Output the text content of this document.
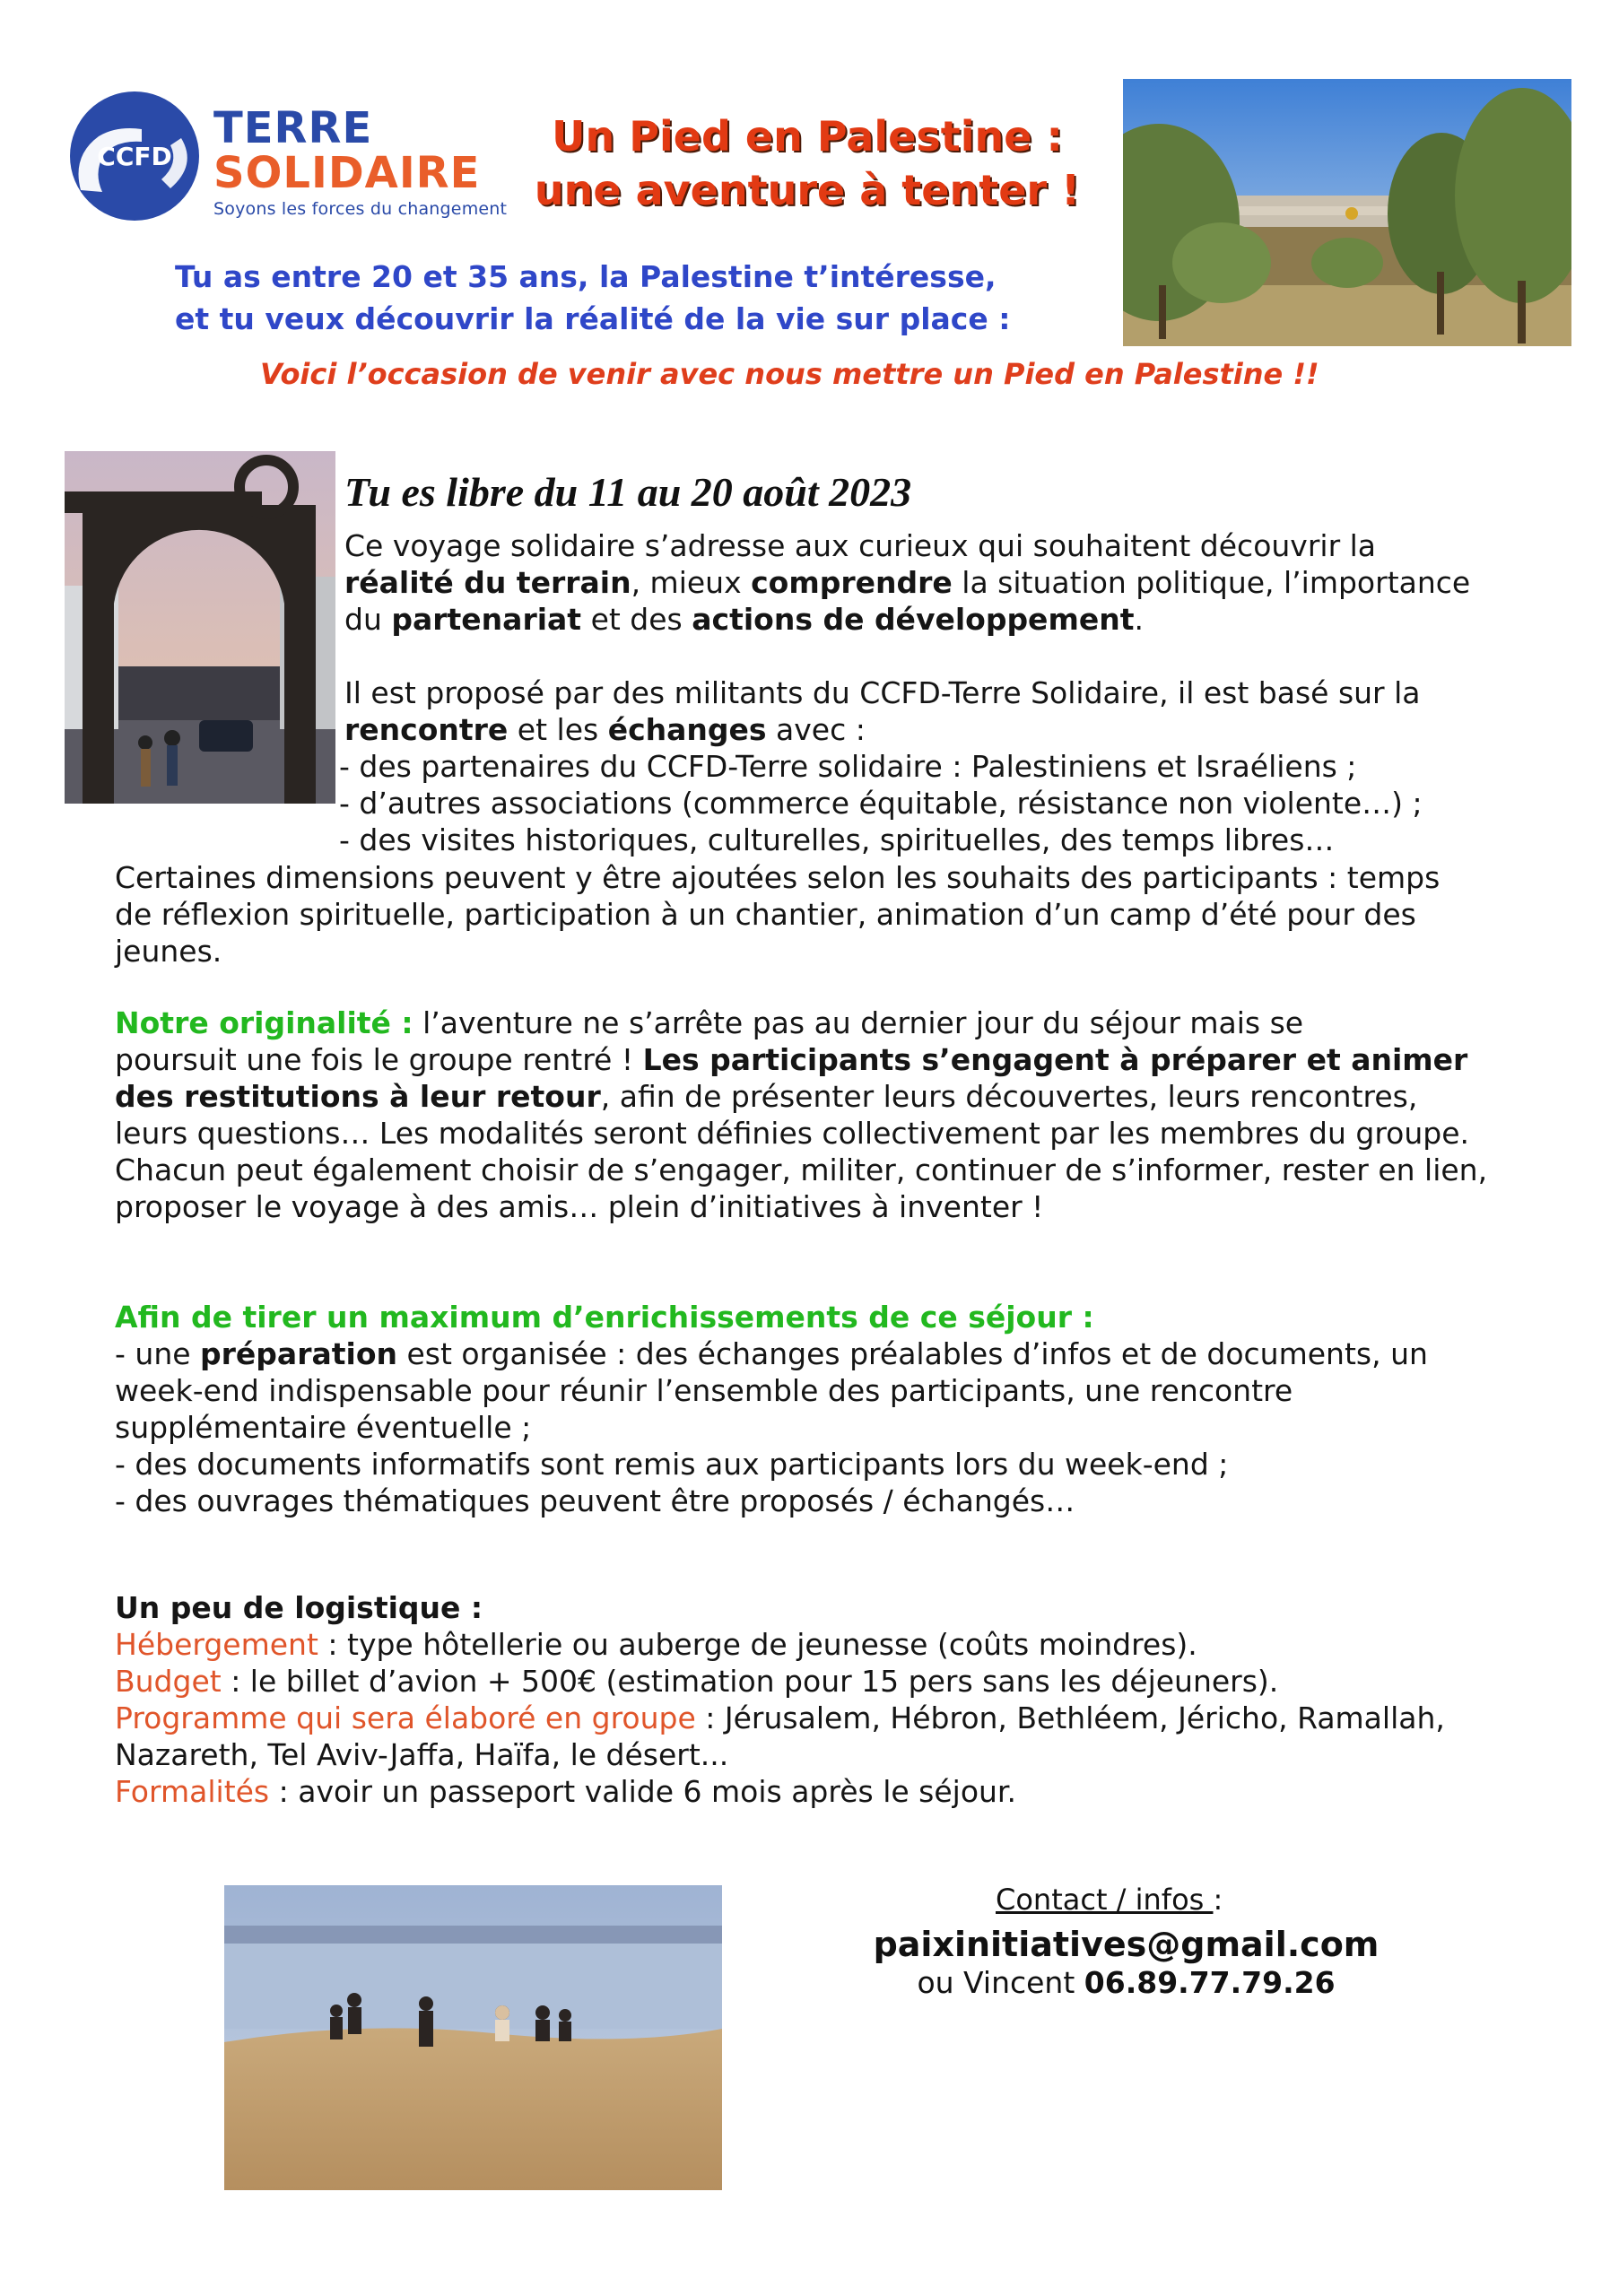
CCFD
TERRE
SOLIDAIRE
Soyons les forces du changement
Un Pied en Palestine :
une aventure à tenter !
Tu as entre 20 et 35 ans, la Palestine t’intéresse,
et tu veux découvrir la réalité de la vie sur place :
Voici l’occasion de venir avec nous mettre un Pied en Palestine !!
Tu es libre du 11 au 20 août 2023
Ce voyage solidaire s’adresse aux curieux qui souhaitent découvrir la
réalité du terrain, mieux comprendre la situation politique, l’importance
du partenariat et des actions de développement.
Il est proposé par des militants du CCFD-Terre Solidaire, il est basé sur la
rencontre et les échanges avec :
- des partenaires du CCFD-Terre solidaire : Palestiniens et Israéliens ;
- d’autres associations (commerce équitable, résistance non violente…) ;
- des visites historiques, culturelles, spirituelles, des temps libres…
Certaines dimensions peuvent y être ajoutées selon les souhaits des participants : temps
de réflexion spirituelle, participation à un chantier, animation d’un camp d’été pour des
jeunes.
Notre originalité : l’aventure ne s’arrête pas au dernier jour du séjour mais se
poursuit une fois le groupe rentré ! Les participants s’engagent à préparer et animer
des restitutions à leur retour, afin de présenter leurs découvertes, leurs rencontres,
leurs questions… Les modalités seront définies collectivement par les membres du groupe.
Chacun peut également choisir de s’engager, militer, continuer de s’informer, rester en lien,
proposer le voyage à des amis… plein d’initiatives à inventer !
Afin de tirer un maximum d’enrichissements de ce séjour :
- une préparation est organisée : des échanges préalables d’infos et de documents, un
week-end indispensable pour réunir l’ensemble des participants, une rencontre
supplémentaire éventuelle ;
- des documents informatifs sont remis aux participants lors du week-end ;
- des ouvrages thématiques peuvent être proposés / échangés…
Un peu de logistique :
Hébergement : type hôtellerie ou auberge de jeunesse (coûts moindres).
Budget : le billet d’avion + 500€ (estimation pour 15 pers sans les déjeuners).
Programme qui sera élaboré en groupe : Jérusalem, Hébron, Bethléem, Jéricho, Ramallah,
Nazareth, Tel Aviv-Jaffa, Haïfa, le désert...
Formalités : avoir un passeport valide 6 mois après le séjour.
Contact / infos :
paixinitiatives@gmail.com
ou Vincent 06.89.77.79.26
